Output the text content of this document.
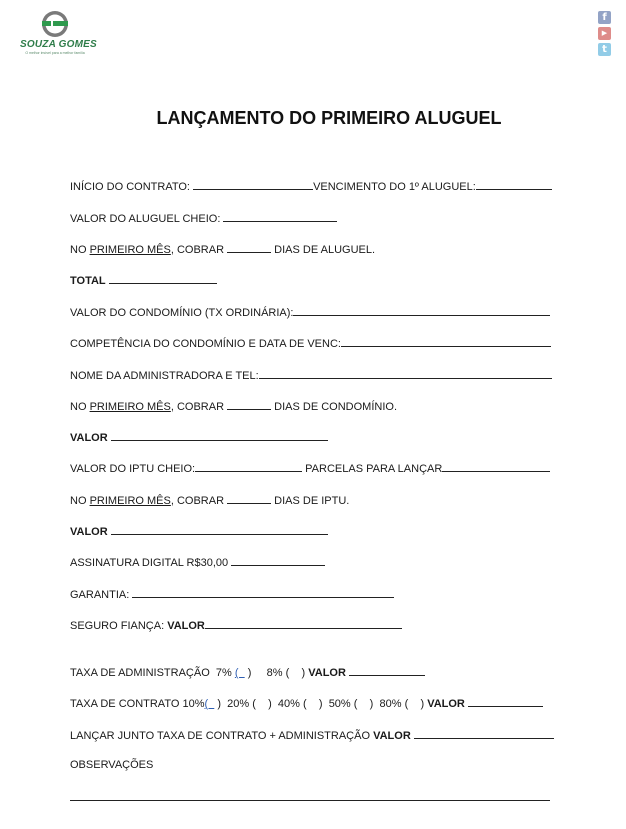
SOUZA GOMES
O melhor imóvel para a melhor família
f
▶
t
LANÇAMENTO DO PRIMEIRO ALUGUEL
INÍCIO DO CONTRATO:	VENCIMENTO DO 1º ALUGUEL:
VALOR DO ALUGUEL CHEIO:
NO PRIMEIRO MÊS, COBRAR	DIAS DE ALUGUEL.
TOTAL
VALOR DO CONDOMÍNIO (TX ORDINÁRIA):
COMPETÊNCIA DO CONDOMÍNIO E DATA DE VENC:
NOME DA ADMINISTRADORA E TEL:
NO PRIMEIRO MÊS, COBRAR	DIAS DE CONDOMÍNIO.
VALOR
VALOR DO IPTU CHEIO:	PARCELAS PARA LANÇAR
NO PRIMEIRO MÊS, COBRAR	DIAS DE IPTU.
VALOR
ASSINATURA DIGITAL R$30,00
GARANTIA:
SEGURO FIANÇA: VALOR
TAXA DE ADMINISTRAÇÃO 7% (   )     8% (    ) VALOR
TAXA DE CONTRATO 10%(   )  20% (    ) 40% (    ) 50% (    ) 80% (    ) VALOR
LANÇAR JUNTO TAXA DE CONTRATO + ADMINISTRAÇÃO VALOR
OBSERVAÇÕES
